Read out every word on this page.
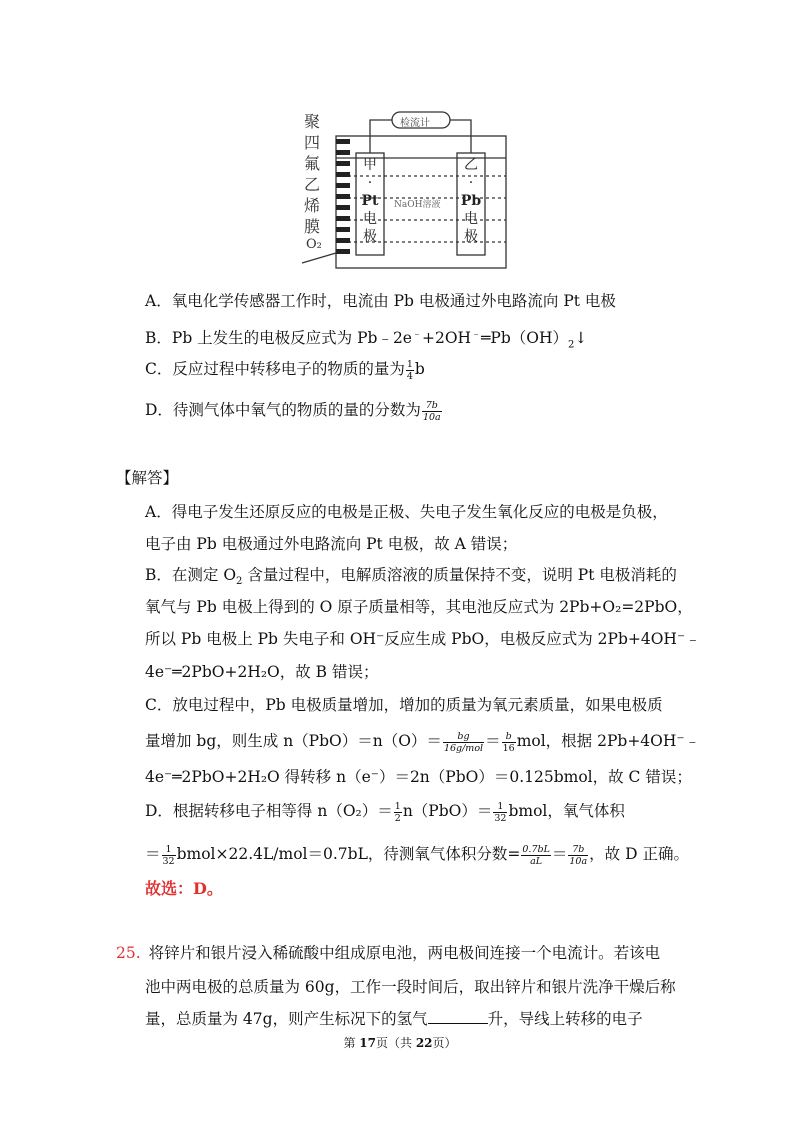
聚四氟乙烯膜
O₂
检流计
甲
·
Pt
电
极
乙
·
Pb
电
极
NaOH溶液
A．氧电化学传感器工作时，电流由 Pb 电极通过外电路流向 Pt 电极
B．Pb 上发生的电极反应式为 $Pb﹣2e^﹣+2OH^﹣═Pb(OH)_2↓$
C．反应过程中转移电子的物质的量为 $\frac{1}{4}$ b
D．待测气体中氧气的物质的量的分数为 $\frac{7b}{10a}$
【解答】
A．得电子发生还原反应的电极是正极、失电子发生氧化反应的电极是负极，
电子由 Pb 电极通过外电路流向 Pt 电极，故 A 错误；
B．在测定 $O_2$ 含量过程中，电解质溶液的质量保持不变，说明 Pt 电极消耗的
氧气与 Pb 电极上得到的 O 原子质量相等，其电池反应式为 2Pb+O₂=2PbO，
所以 Pb 电极上 Pb 失电子和 OH⁻反应生成 PbO，电极反应式为 2Pb+4OH⁻﹣
4e⁻═2PbO+2H₂O，故 B 错误；
C．放电过程中，Pb 电极质量增加，增加的质量为氧元素质量，如果电极质
量增加 bg，则生成 $n(PbO)=n(O)= \frac{bg}{\text{16g/mol}} = \frac{b}{16}$ mol，根据 2Pb+4OH⁻﹣
4e⁻═2PbO+2H₂O 得转移 n（e⁻）＝2n（PbO）＝0.125bmol，故 C 错误；
D．根据转移电子相等得 $n(O_2)= \frac{1}{2} n(PbO)= \frac{1}{32}$ bmol，氧气体积
＝ $\frac{1}{32}$ bmol×22.4L/mol＝0.7bL，待测氧气体积分数= $\frac{0.7bL}{aL} = \frac{7b}{10a}$ ，故 D 正确。
故选：D。
25. 将锌片和银片浸入稀硫酸中组成原电池，两电极间连接一个电流计。若该电
池中两电极的总质量为 60g，工作一段时间后，取出锌片和银片洗净干燥后称
量，总质量为 47g，则产生标况下的氢气	升，导线上转移的电子
第 17页（共 22页）
